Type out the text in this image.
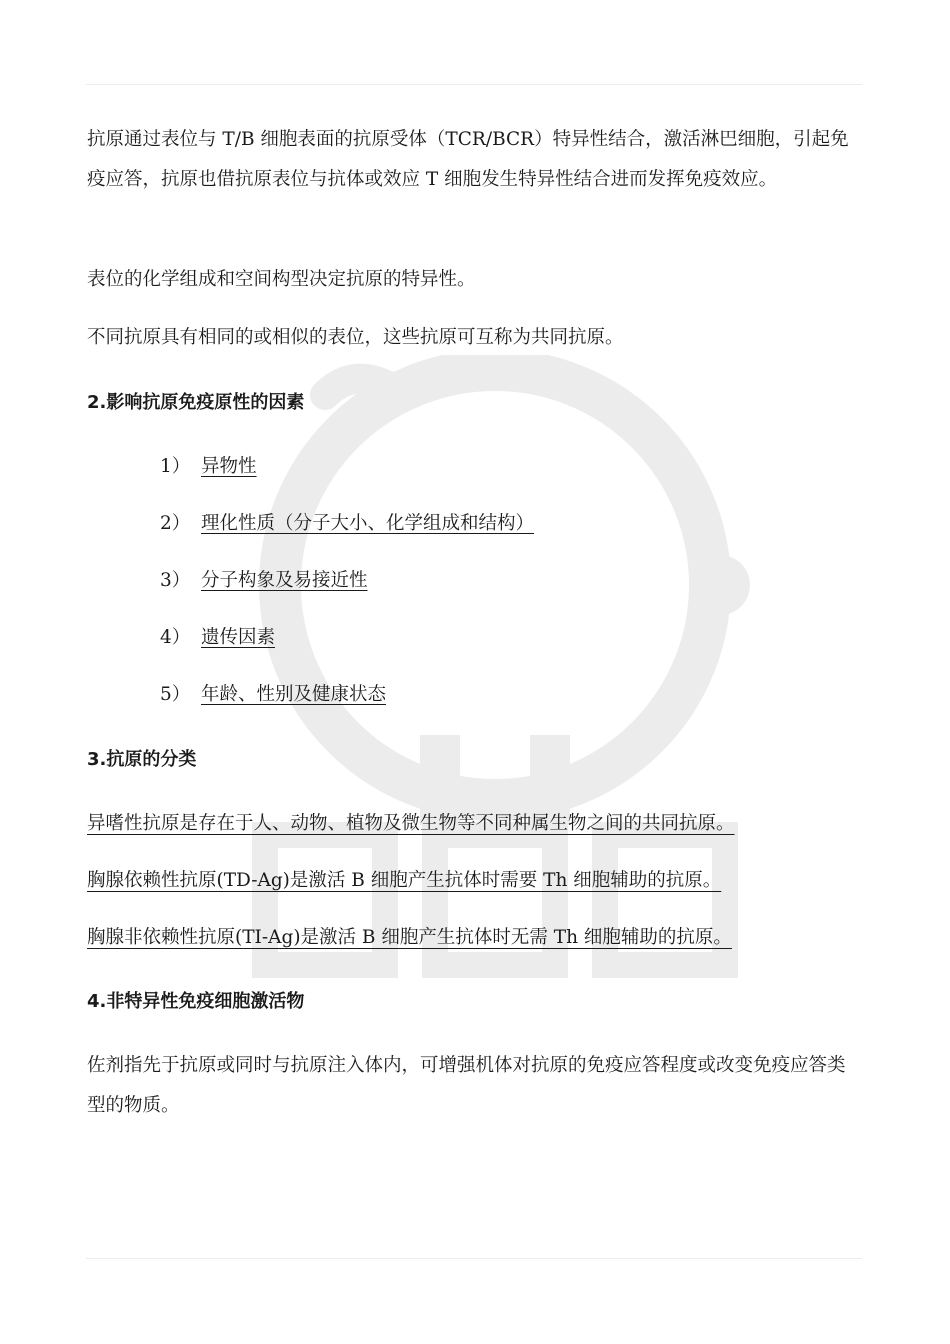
抗原通过表位与 T/B 细胞表面的抗原受体（TCR/BCR）特异性结合，激活淋巴细胞，引起免疫应答，抗原也借抗原表位与抗体或效应 T 细胞发生特异性结合进而发挥免疫效应。

表位的化学组成和空间构型决定抗原的特异性。

不同抗原具有相同的或相似的表位，这些抗原可互称为共同抗原。

2.影响抗原免疫原性的因素

1） 异物性

2） 理化性质（分子大小、化学组成和结构）

3） 分子构象及易接近性

4） 遗传因素

5） 年龄、性别及健康状态

3.抗原的分类

异嗜性抗原是存在于人、动物、植物及微生物等不同种属生物之间的共同抗原。

胸腺依赖性抗原(TD-Ag)是激活 B 细胞产生抗体时需要 Th 细胞辅助的抗原。

胸腺非依赖性抗原(TI-Ag)是激活 B 细胞产生抗体时无需 Th 细胞辅助的抗原。

4.非特异性免疫细胞激活物

佐剂指先于抗原或同时与抗原注入体内，可增强机体对抗原的免疫应答程度或改变免疫应答类型的物质。
